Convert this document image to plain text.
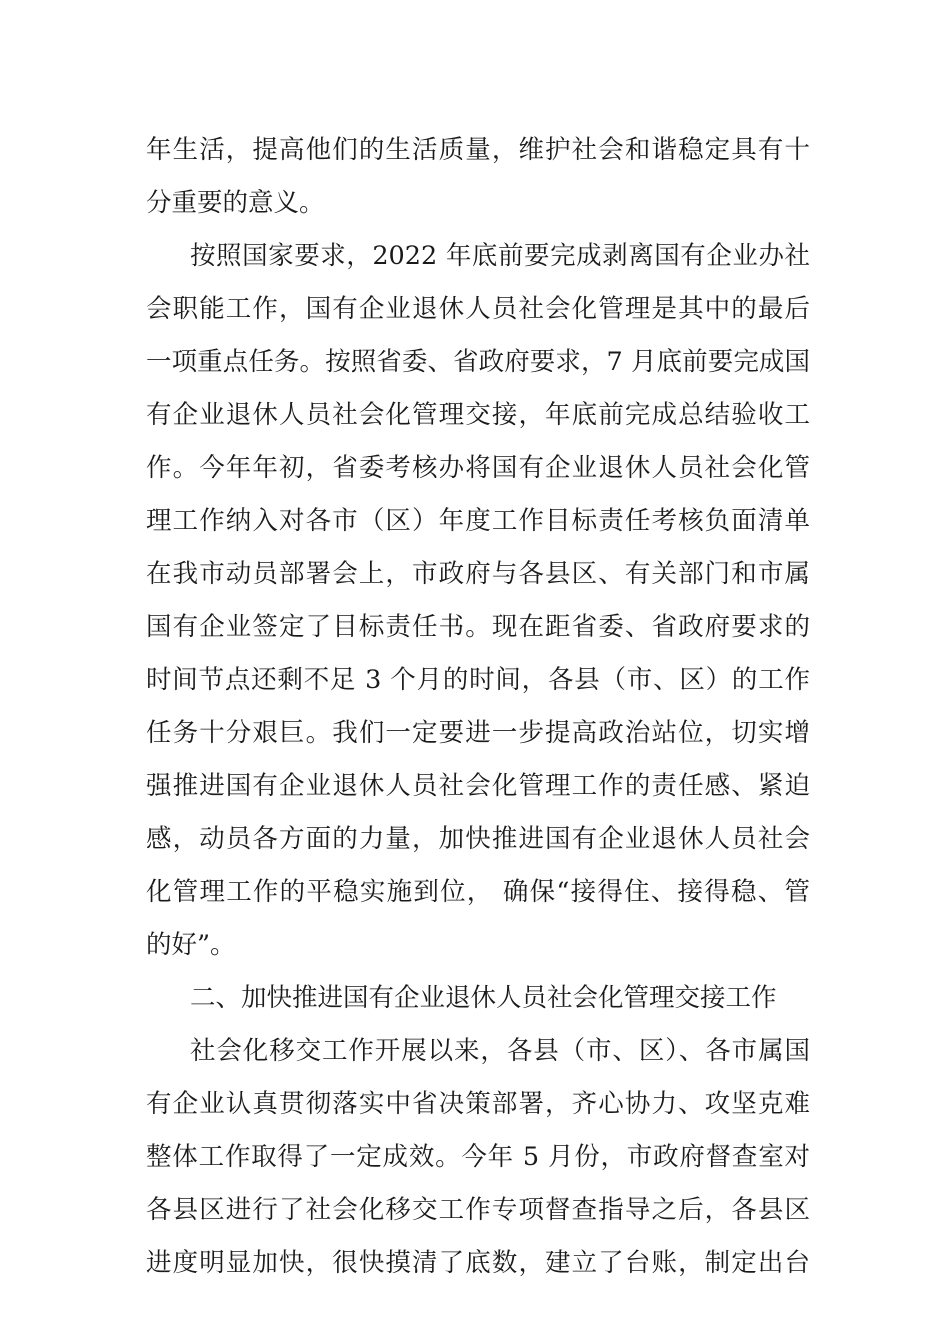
年生活，提高他们的生活质量，维护社会和谐稳定具有十
分重要的意义。
按照国家要求，2022 年底前要完成剥离国有企业办社
会职能工作，国有企业退休人员社会化管理是其中的最后
一项重点任务。按照省委、省政府要求，7 月底前要完成国
有企业退休人员社会化管理交接，年底前完成总结验收工
作。今年年初，省委考核办将国有企业退休人员社会化管
理工作纳入对各市（区）年度工作目标责任考核负面清单
在我市动员部署会上，市政府与各县区、有关部门和市属
国有企业签定了目标责任书。现在距省委、省政府要求的
时间节点还剩不足 3 个月的时间，各县（市、区）的工作
任务十分艰巨。我们一定要进一步提高政治站位，切实增
强推进国有企业退休人员社会化管理工作的责任感、紧迫
感，动员各方面的力量，加快推进国有企业退休人员社会
化管理工作的平稳实施到位， 确保“接得住、接得稳、管
的好”。
二、加快推进国有企业退休人员社会化管理交接工作
社会化移交工作开展以来，各县（市、区）、各市属国
有企业认真贯彻落实中省决策部署，齐心协力、攻坚克难
整体工作取得了一定成效。今年 5 月份，市政府督查室对
各县区进行了社会化移交工作专项督查指导之后，各县区
进度明显加快，很快摸清了底数，建立了台账，制定出台
